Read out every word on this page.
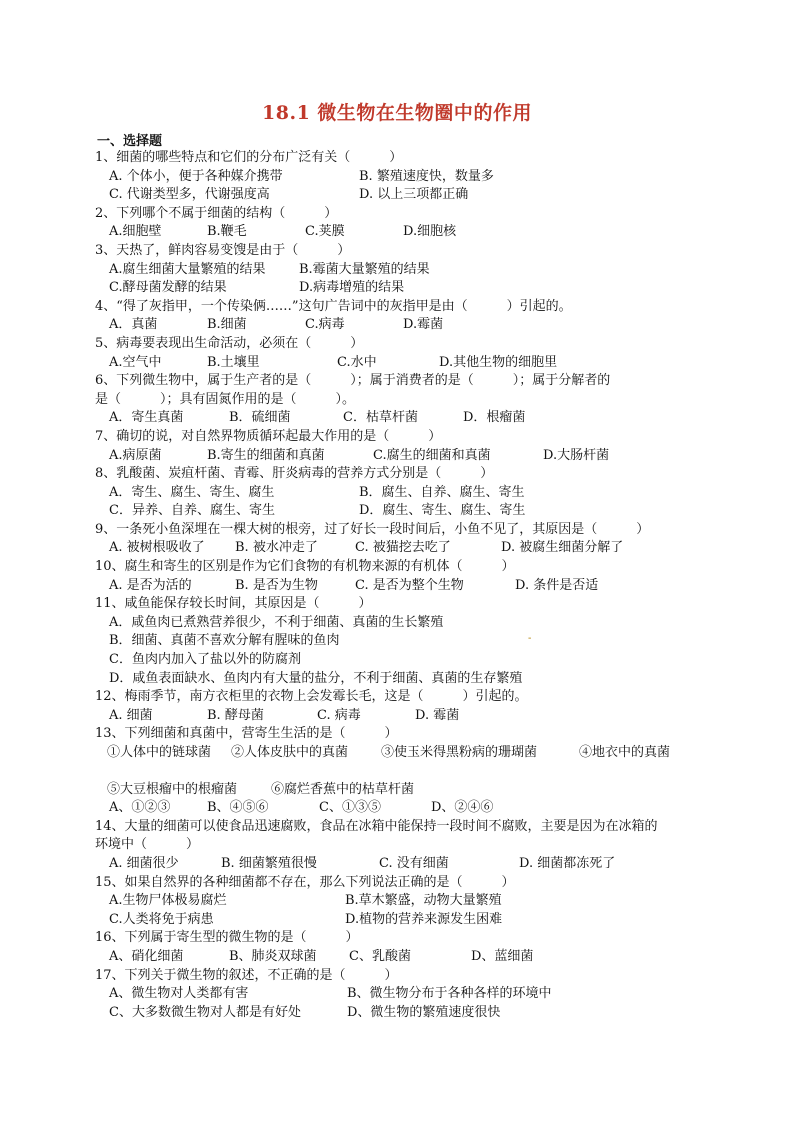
18.1 微生物在生物圈中的作用
一、选择题
1、细菌的哪些特点和它们的分布广泛有关（　　　）
A. 个体小，便于各种媒介携带	B. 繁殖速度快，数量多
C. 代谢类型多，代谢强度高	D. 以上三项都正确
2、下列哪个不属于细菌的结构（　　　）
A.细胞壁	B.鞭毛	C.荚膜	D.细胞核
3、天热了，鲜肉容易变馊是由于（　　　）
A.腐生细菌大量繁殖的结果	B.霉菌大量繁殖的结果
C.酵母菌发酵的结果	D.病毒增殖的结果
4、“得了灰指甲，一个传染俩……”这句广告词中的灰指甲是由（　　　）引起的。
A．真菌	B.细菌	C.病毒	D.霉菌
5、病毒要表现出生命活动，必须在（　　　）
A.空气中	B.土壤里	C.水中	D.其他生物的细胞里
6、下列微生物中，属于生产者的是（　　　）；属于消费者的是（　　　）；属于分解者的
是（　　　）；具有固氮作用的是（　　　）。
A．寄生真菌	B．硫细菌	C．枯草杆菌	D．根瘤菌
7、确切的说，对自然界物质循环起最大作用的是（　　　）
A.病原菌	B.寄生的细菌和真菌	C.腐生的细菌和真菌	D.大肠杆菌
8、乳酸菌、炭疽杆菌、青霉、肝炎病毒的营养方式分别是（　　　）
A．寄生、腐生、寄生、腐生	B．腐生、自养、腐生、寄生
C．异养、自养、腐生、寄生	D．腐生、寄生、腐生、寄生
9、一条死小鱼深埋在一棵大树的根旁，过了好长一段时间后，小鱼不见了，其原因是（　　　）
A. 被树根吸收了 B. 被水冲走了	C. 被猫挖去吃了	D. 被腐生细菌分解了
10、腐生和寄生的区别是作为它们食物的有机物来源的有机体（　　　）
A. 是否为活的	B. 是否为生物	C. 是否为整个生物	D. 条件是否适
11、咸鱼能保存较长时间，其原因是（　　　）
A．咸鱼肉已煮熟营养很少，不利于细菌、真菌的生长繁殖
B．细菌、真菌不喜欢分解有腥味的鱼肉
C．鱼肉内加入了盐以外的防腐剂
D．咸鱼表面缺水、鱼肉内有大量的盐分，不利于细菌、真菌的生存繁殖
12、梅雨季节，南方衣柜里的衣物上会发霉长毛，这是（　　　）引起的。
A. 细菌	B. 酵母菌	C. 病毒	D. 霉菌
13、下列细菌和真菌中，营寄生生活的是（　　　）
①人体中的链球菌 ②人体皮肤中的真菌	③使玉米得黑粉病的珊瑚菌	④地衣中的真菌
⑤大豆根瘤中的根瘤菌	⑥腐烂香蕉中的枯草杆菌
A、①②③	B、④⑤⑥	C、①③⑤	D、②④⑥
14、大量的细菌可以使食品迅速腐败，食品在冰箱中能保持一段时间不腐败，主要是因为在冰箱的
环境中（　　　）
A. 细菌很少	B. 细菌繁殖很慢	C. 没有细菌	D. 细菌都冻死了
15、如果自然界的各种细菌都不存在，那么下列说法正确的是（　　　）
A.生物尸体极易腐烂	B.草木繁盛，动物大量繁殖
C.人类将免于病患	D.植物的营养来源发生困难
16、下列属于寄生型的微生物的是（　　　）
A、硝化细菌	B、肺炎双球菌 C、乳酸菌	D、蓝细菌
17、下列关于微生物的叙述，不正确的是（　　　）
A、微生物对人类都有害	B、微生物分布于各种各样的环境中
C、大多数微生物对人都是有好处	D、微生物的繁殖速度很快
-
